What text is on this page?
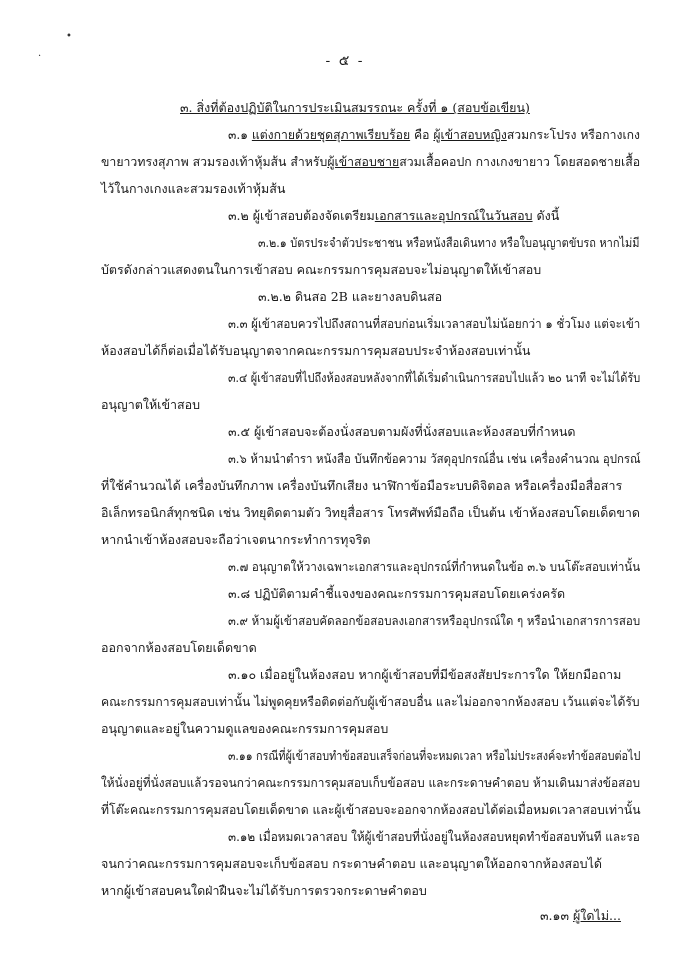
•
·	- ๕ -
๓. สิ่งที่ต้องปฏิบัติในการประเมินสมรรถนะ ครั้งที่ ๑ (สอบข้อเขียน)
๓.๑ แต่งกายด้วยชุดสุภาพเรียบร้อย คือ ผู้เข้าสอบหญิงสวมกระโปรง หรือกางเกง
ขายาวทรงสุภาพ สวมรองเท้าหุ้มส้น สำหรับผู้เข้าสอบชายสวมเสื้อคอปก กางเกงขายาว โดยสอดชายเสื้อ
ไว้ในกางเกงและสวมรองเท้าหุ้มส้น
๓.๒ ผู้เข้าสอบต้องจัดเตรียมเอกสารและอุปกรณ์ในวันสอบ ดังนี้
๓.๒.๑ บัตรประจำตัวประชาชน หรือหนังสือเดินทาง หรือใบอนุญาตขับรถ หากไม่มี
บัตรดังกล่าวแสดงตนในการเข้าสอบ คณะกรรมการคุมสอบจะไม่อนุญาตให้เข้าสอบ
๓.๒.๒ ดินสอ 2B และยางลบดินสอ
๓.๓ ผู้เข้าสอบควรไปถึงสถานที่สอบก่อนเริ่มเวลาสอบไม่น้อยกว่า ๑ ชั่วโมง แต่จะเข้า
ห้องสอบได้ก็ต่อเมื่อได้รับอนุญาตจากคณะกรรมการคุมสอบประจำห้องสอบเท่านั้น
๓.๔ ผู้เข้าสอบที่ไปถึงห้องสอบหลังจากที่ได้เริ่มดำเนินการสอบไปแล้ว ๒๐ นาที จะไม่ได้รับ
อนุญาตให้เข้าสอบ
๓.๕ ผู้เข้าสอบจะต้องนั่งสอบตามผังที่นั่งสอบและห้องสอบที่กำหนด
๓.๖ ห้ามนำตำรา หนังสือ บันทึกข้อความ วัสดุอุปกรณ์อื่น เช่น เครื่องคำนวณ อุปกรณ์
ที่ใช้คำนวณได้ เครื่องบันทึกภาพ เครื่องบันทึกเสียง นาฬิกาข้อมือระบบดิจิตอล หรือเครื่องมือสื่อสาร
อิเล็กทรอนิกส์ทุกชนิด เช่น วิทยุติดตามตัว วิทยุสื่อสาร โทรศัพท์มือถือ เป็นต้น เข้าห้องสอบโดยเด็ดขาด
หากนำเข้าห้องสอบจะถือว่าเจตนากระทำการทุจริต
๓.๗ อนุญาตให้วางเฉพาะเอกสารและอุปกรณ์ที่กำหนดในข้อ ๓.๖ บนโต๊ะสอบเท่านั้น
๓.๘ ปฏิบัติตามคำชี้แจงของคณะกรรมการคุมสอบโดยเคร่งครัด
๓.๙ ห้ามผู้เข้าสอบคัดลอกข้อสอบลงเอกสารหรืออุปกรณ์ใด ๆ หรือนำเอกสารการสอบ
ออกจากห้องสอบโดยเด็ดขาด
๓.๑๐ เมื่ออยู่ในห้องสอบ หากผู้เข้าสอบที่มีข้อสงสัยประการใด ให้ยกมือถาม
คณะกรรมการคุมสอบเท่านั้น ไม่พูดคุยหรือติดต่อกับผู้เข้าสอบอื่น และไม่ออกจากห้องสอบ เว้นแต่จะได้รับ
อนุญาตและอยู่ในความดูแลของคณะกรรมการคุมสอบ
๓.๑๑ กรณีที่ผู้เข้าสอบทำข้อสอบเสร็จก่อนที่จะหมดเวลา หรือไม่ประสงค์จะทำข้อสอบต่อไป
ให้นั่งอยู่ที่นั่งสอบแล้วรอจนกว่าคณะกรรมการคุมสอบเก็บข้อสอบ และกระดาษคำตอบ ห้ามเดินมาส่งข้อสอบ
ที่โต๊ะคณะกรรมการคุมสอบโดยเด็ดขาด และผู้เข้าสอบจะออกจากห้องสอบได้ต่อเมื่อหมดเวลาสอบเท่านั้น
๓.๑๒ เมื่อหมดเวลาสอบ ให้ผู้เข้าสอบที่นั่งอยู่ในห้องสอบหยุดทำข้อสอบทันที และรอ
จนกว่าคณะกรรมการคุมสอบจะเก็บข้อสอบ กระดาษคำตอบ และอนุญาตให้ออกจากห้องสอบได้
หากผู้เข้าสอบคนใดฝ่าฝืนจะไม่ได้รับการตรวจกระดาษคำตอบ
๓.๑๓ ผู้ใดไม่...
